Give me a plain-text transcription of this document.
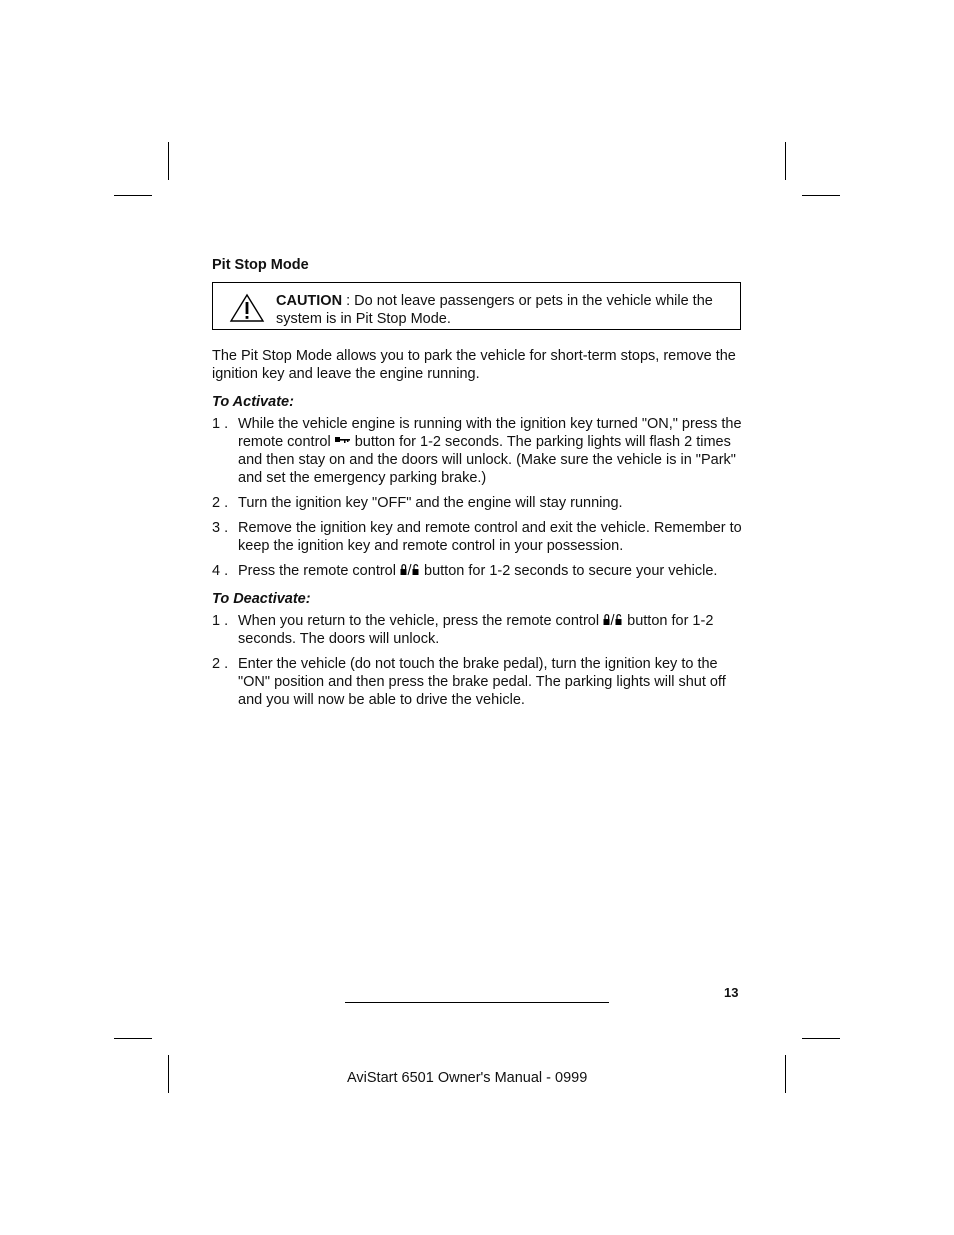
Pit Stop Mode
CAUTION : Do not leave passengers or pets in the vehicle while the system is in Pit Stop Mode.

The Pit Stop Mode allows you to park the vehicle for short-term stops, remove the ignition key and leave the engine running.

To Activate:
1 . While the vehicle engine is running with the ignition key turned "ON," press the remote control  button for 1-2 seconds. The parking lights will flash 2 times and then stay on and the doors will unlock. (Make sure the vehicle is in "Park" and set the emergency parking brake.)
2 . Turn the ignition key "OFF" and the engine will stay running.
3 . Remove the ignition key and remote control and exit the vehicle. Remember to keep the ignition key and remote control in your possession.
4 . Press the remote control  button for 1-2 seconds to secure your vehicle.
To Deactivate:
1 . When you return to the vehicle, press the remote control  button for 1-2 seconds. The doors will unlock.
2 . Enter the vehicle (do not touch the brake pedal), turn the ignition key to the "ON" position and then press the brake pedal. The parking lights will shut off and you will now be able to drive the vehicle.
13
AviStart 6501 Owner's Manual - 0999
